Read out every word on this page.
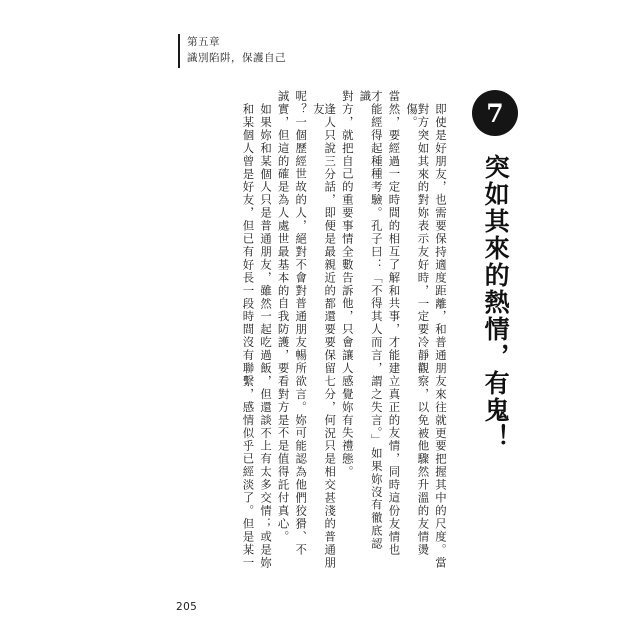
第五章
識別陷阱，保護自己
和某個人曾是好友，但已有好長一段時間沒有聯繫，感情似乎已經淡了。但是某一 如果妳和某個人只是普通朋友，雖然一起吃過飯，但還談不上有太多交情；或是妳 誠實，但這的確是為人處世最基本的自我防護，要看對方是不是值得託付真心。 呢？一個歷經世故的人，絕對不會對普通朋友暢所欲言。妳可能認為他們狡猾、不	逢人只說三分話，即便是最親近的都還要要保留七分，何況只是相交甚淺的普通朋友	對方，就把自己的重要事情全數告訴他，只會讓人感覺妳有失禮態。	才能經得起種種考驗。孔子曰：「不得其人而言，謂之失言。」如果妳沒有徹底認識	當然，要經過一定時間的相互了解和共事，才能建立真正的友情，同時這份友情也	對方突如其來的對妳表示友好時，一定要冷靜觀察，以免被他驟然升溫的友情燙傷。	即使是好朋友，也需要保持適度距離，和普通朋友來往就更要把握其中的尺度。當	7
突如其來的熱情，有鬼！
205
